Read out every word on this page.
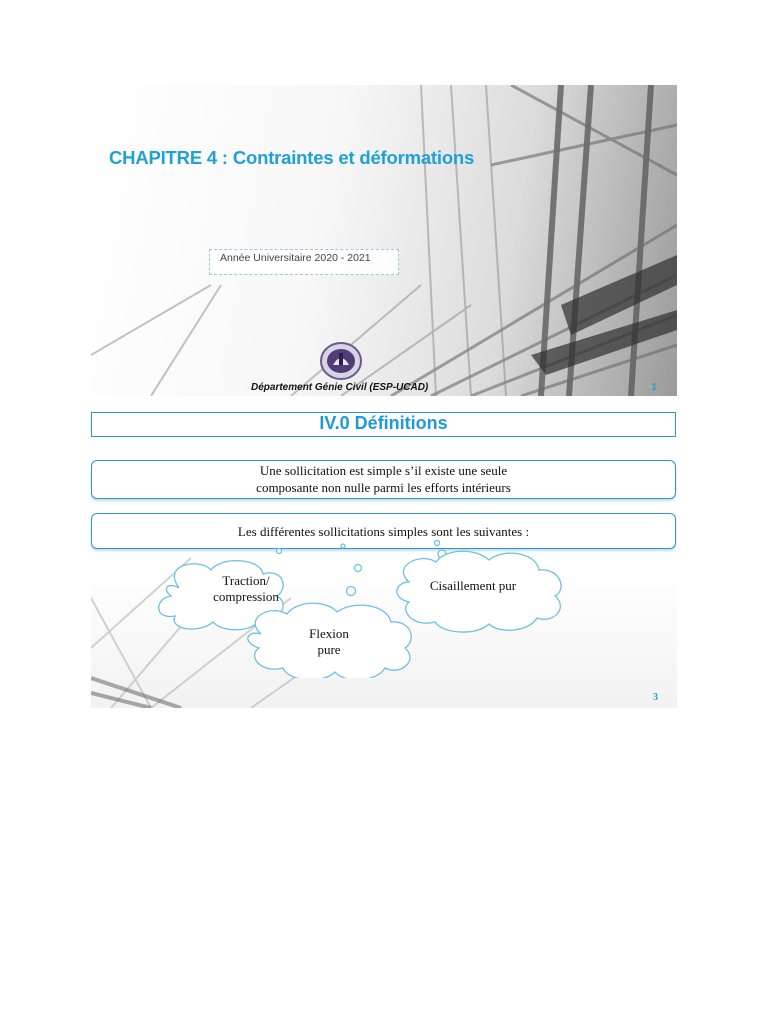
CHAPITRE 4 : Contraintes et déformations
Année Universitaire 2020 - 2021
Département Génie Civil (ESP-UCAD)	1
IV.0 Définitions
Une sollicitation est simple s’il existe une seule
composante non nulle parmi les efforts intérieurs
Les différentes sollicitations simples sont les suivantes :
Traction/
compression
Cisaillement pur
Flexion
pure
3
